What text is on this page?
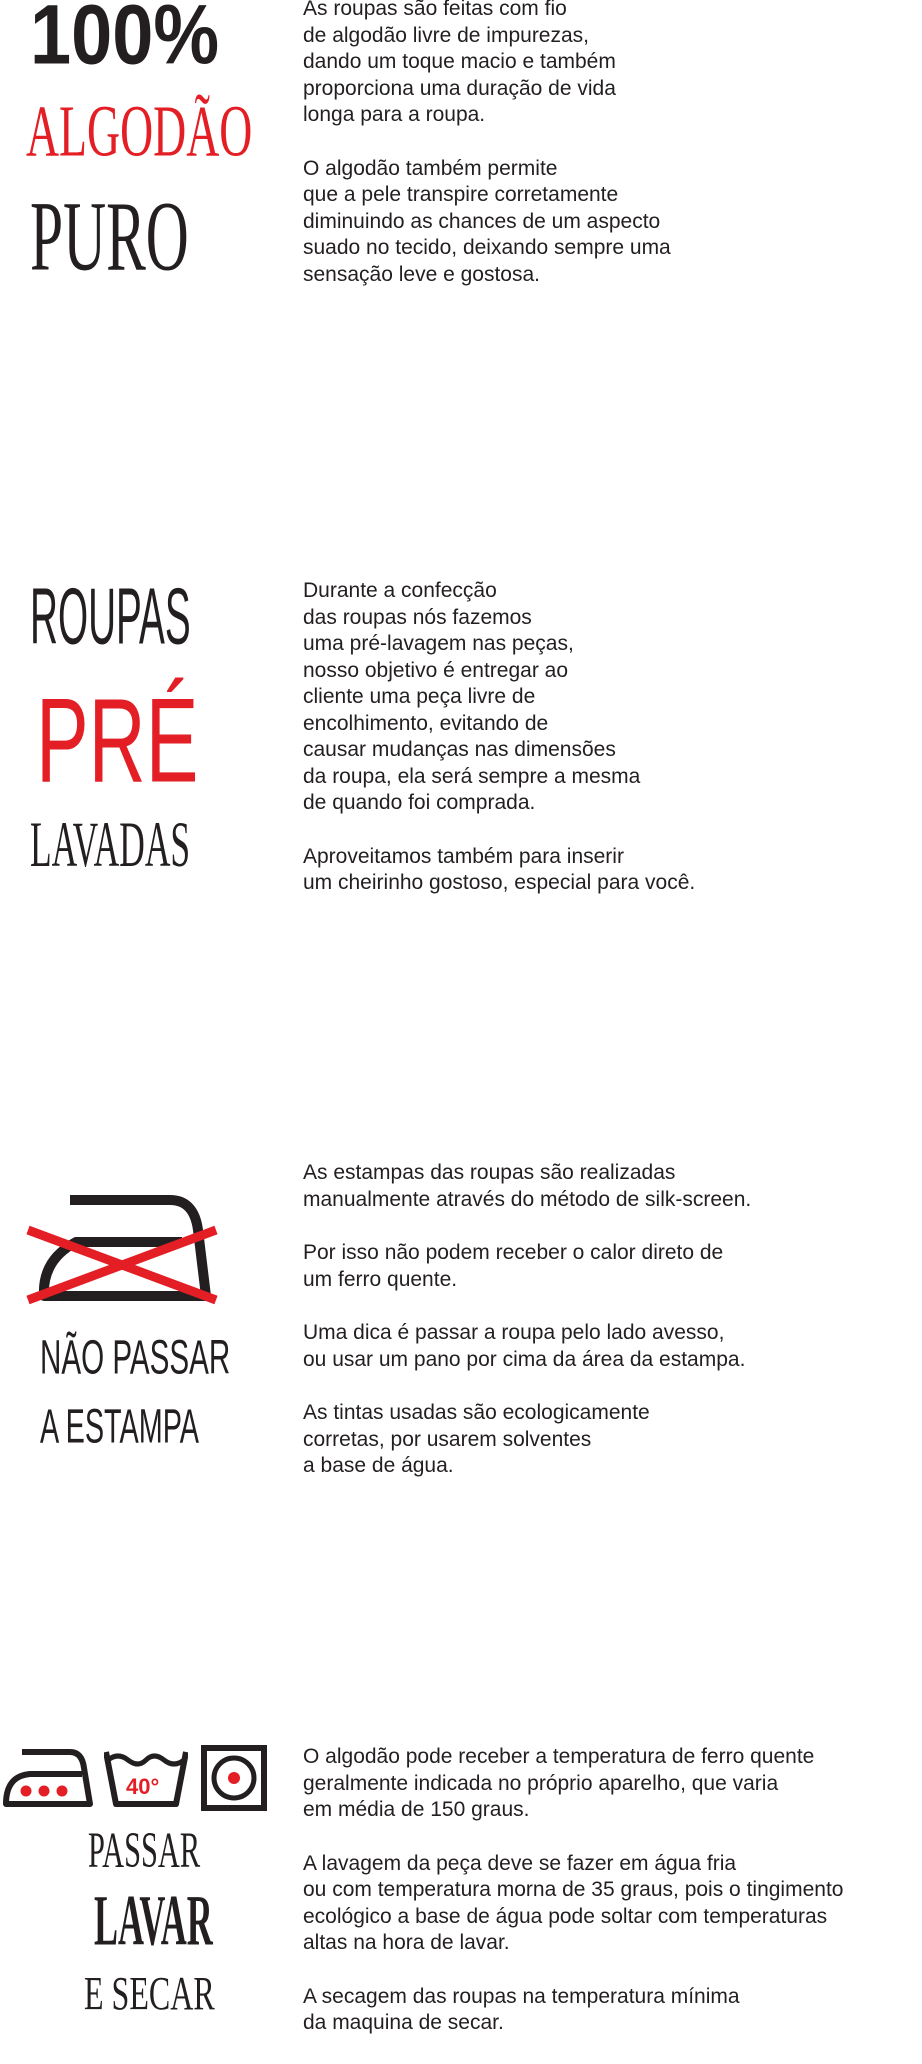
100%
ALGODÃO
PURO

As roupas são feitas com fio
de algodão livre de impurezas,
dando um toque macio e também
proporciona uma duração de vida
longa para a roupa.

O algodão também permite
que a pele transpire corretamente
diminuindo as chances de um aspecto
suado no tecido, deixando sempre uma
sensação leve e gostosa.

ROUPAS
PRÉ
LAVADAS

Durante a confecção
das roupas nós fazemos
uma pré-lavagem nas peças,
nosso objetivo é entregar ao
cliente uma peça livre de
encolhimento, evitando de
causar mudanças nas dimensões
da roupa, ela será sempre a mesma
de quando foi comprada.

Aproveitamos também para inserir
um cheirinho gostoso, especial para você.

NÃO PASSAR
A ESTAMPA

As estampas das roupas são realizadas
manualmente através do método de silk-screen.

Por isso não podem receber o calor direto de
um ferro quente.

Uma dica é passar a roupa pelo lado avesso,
ou usar um pano por cima da área da estampa.

As tintas usadas são ecologicamente
corretas, por usarem solventes
a base de água.

40°
PASSAR
LAVAR
E SECAR

O algodão pode receber a temperatura de ferro quente
geralmente indicada no próprio aparelho, que varia
em média de 150 graus.

A lavagem da peça deve se fazer em água fria
ou com temperatura morna de 35 graus, pois o tingimento
ecológico a base de água pode soltar com temperaturas
altas na hora de lavar.

A secagem das roupas na temperatura mínima
da maquina de secar.
